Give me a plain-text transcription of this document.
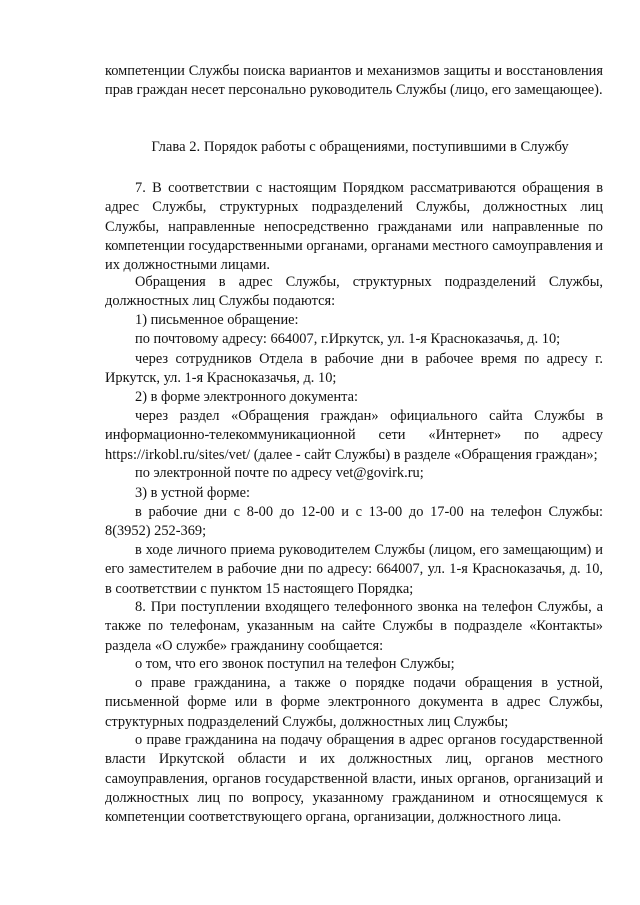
компетенции Службы поиска вариантов и механизмов защиты и восстановления прав граждан несет персонально руководитель Службы (лицо, его замещающее).

Глава 2. Порядок работы с обращениями, поступившими в Службу

7. В соответствии с настоящим Порядком рассматриваются обращения в адрес Службы, структурных подразделений Службы, должностных лиц Службы, направленные непосредственно гражданами или направленные по компетенции государственными органами, органами местного самоуправления и их должностными лицами.

Обращения в адрес Службы, структурных подразделений Службы, должностных лиц Службы подаются:

1) письменное обращение:

по почтовому адресу: 664007, г.Иркутск, ул. 1-я Красноказачья, д. 10;

через сотрудников Отдела в рабочие дни в рабочее время по адресу г. Иркутск, ул. 1-я Красноказачья, д. 10;

2) в форме электронного документа:

через раздел «Обращения граждан» официального сайта Службы в информационно-телекоммуникационной сети «Интернет» по адресу https://irkobl.ru/sites/vet/ (далее - сайт Службы) в разделе «Обращения граждан»;

по электронной почте по адресу vet@govirk.ru;

3) в устной форме:

в рабочие дни с 8-00 до 12-00 и с 13-00 до 17-00 на телефон Службы: 8(3952) 252-369;

в ходе личного приема руководителем Службы (лицом, его замещающим) и его заместителем в рабочие дни по адресу: 664007, ул. 1-я Красноказачья, д. 10, в соответствии с пунктом 15 настоящего Порядка;

8. При поступлении входящего телефонного звонка на телефон Службы, а также по телефонам, указанным на сайте Службы в подразделе «Контакты» раздела «О службе» гражданину сообщается:

о том, что его звонок поступил на телефон Службы;

о праве гражданина, а также о порядке подачи обращения в устной, письменной форме или в форме электронного документа в адрес Службы, структурных подразделений Службы, должностных лиц Службы;

о праве гражданина на подачу обращения в адрес органов государственной власти Иркутской области и их должностных лиц, органов местного самоуправления, органов государственной власти, иных органов, организаций и должностных лиц по вопросу, указанному гражданином и относящемуся к компетенции соответствующего органа, организации, должностного лица.
